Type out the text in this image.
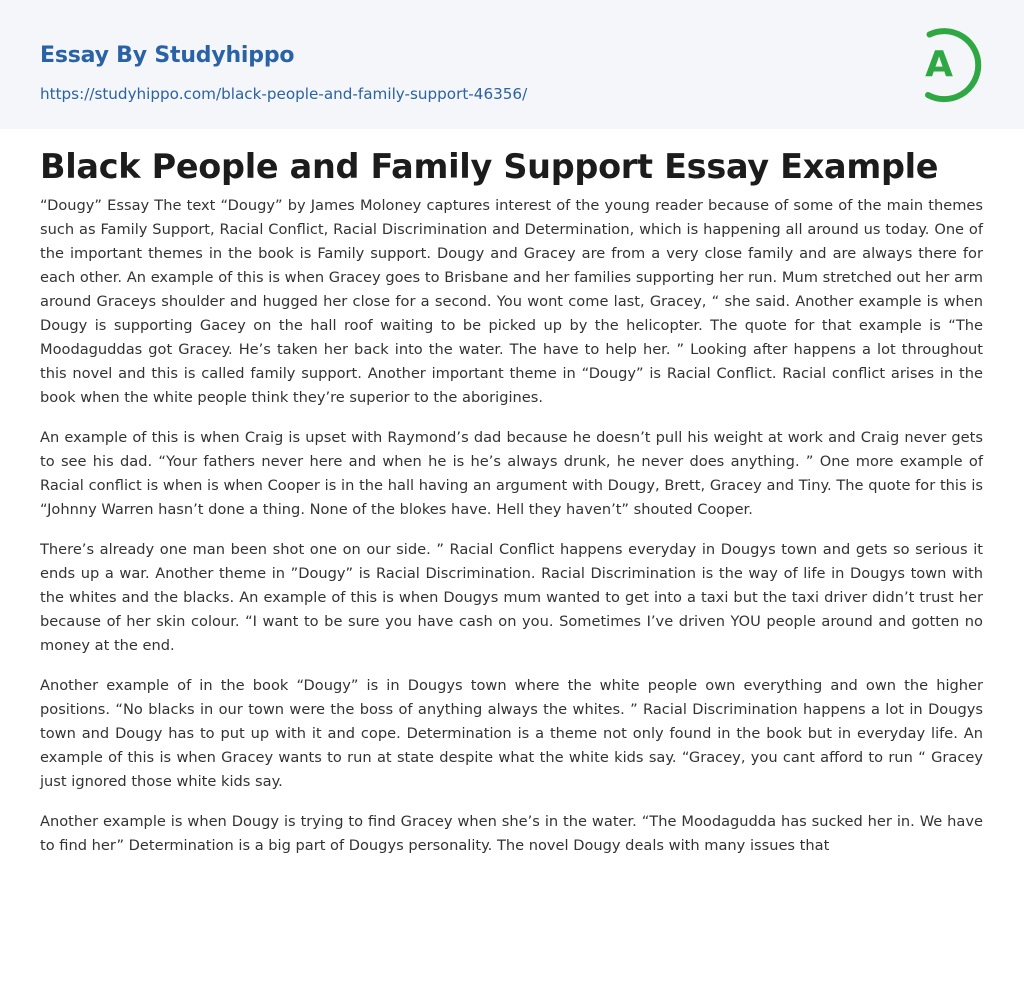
Essay By Studyhippo
https://studyhippo.com/black-people-and-family-support-46356/
A
Black People and Family Support Essay Example

“Dougy” Essay The text “Dougy” by James Moloney captures interest of the young reader because of some of the main themes such as Family Support, Racial Conflict, Racial Discrimination and Determination, which is happening all around us today. One of the important themes in the book is Family support. Dougy and Gracey are from a very close family and are always there for each other. An example of this is when Gracey goes to Brisbane and her families supporting her run. Mum stretched out her arm around Graceys shoulder and hugged her close for a second. You wont come last, Gracey, “ she said. Another example is when Dougy is supporting Gacey on the hall roof waiting to be picked up by the helicopter. The quote for that example is “The Moodaguddas got Gracey. He’s taken her back into the water. The have to help her. ” Looking after happens a lot throughout this novel and this is called family support. Another important theme in “Dougy” is Racial Conflict. Racial conflict arises in the book when the white people think they’re superior to the aborigines.

An example of this is when Craig is upset with Raymond’s dad because he doesn’t pull his weight at work and Craig never gets to see his dad. “Your fathers never here and when he is he’s always drunk, he never does anything. ” One more example of Racial conflict is when is when Cooper is in the hall having an argument with Dougy, Brett, Gracey and Tiny. The quote for this is “Johnny Warren hasn’t done a thing. None of the blokes have. Hell they haven’t” shouted Cooper.

There’s already one man been shot one on our side. ” Racial Conflict happens everyday in Dougys town and gets so serious it ends up a war. Another theme in ”Dougy” is Racial Discrimination. Racial Discrimination is the way of life in Dougys town with the whites and the blacks. An example of this is when Dougys mum wanted to get into a taxi but the taxi driver didn’t trust her because of her skin colour. “I want to be sure you have cash on you. Sometimes I’ve driven YOU people around and gotten no money at the end.

Another example of in the book “Dougy” is in Dougys town where the white people own everything and own the higher positions. “No blacks in our town were the boss of anything always the whites. ” Racial Discrimination happens a lot in Dougys town and Dougy has to put up with it and cope. Determination is a theme not only found in the book but in everyday life. An example of this is when Gracey wants to run at state despite what the white kids say. “Gracey, you cant afford to run “ Gracey just ignored those white kids say.

Another example is when Dougy is trying to find Gracey when she’s in the water. “The Moodagudda has sucked her in. We have to find her” Determination is a big part of Dougys personality. The novel Dougy deals with many issues that
